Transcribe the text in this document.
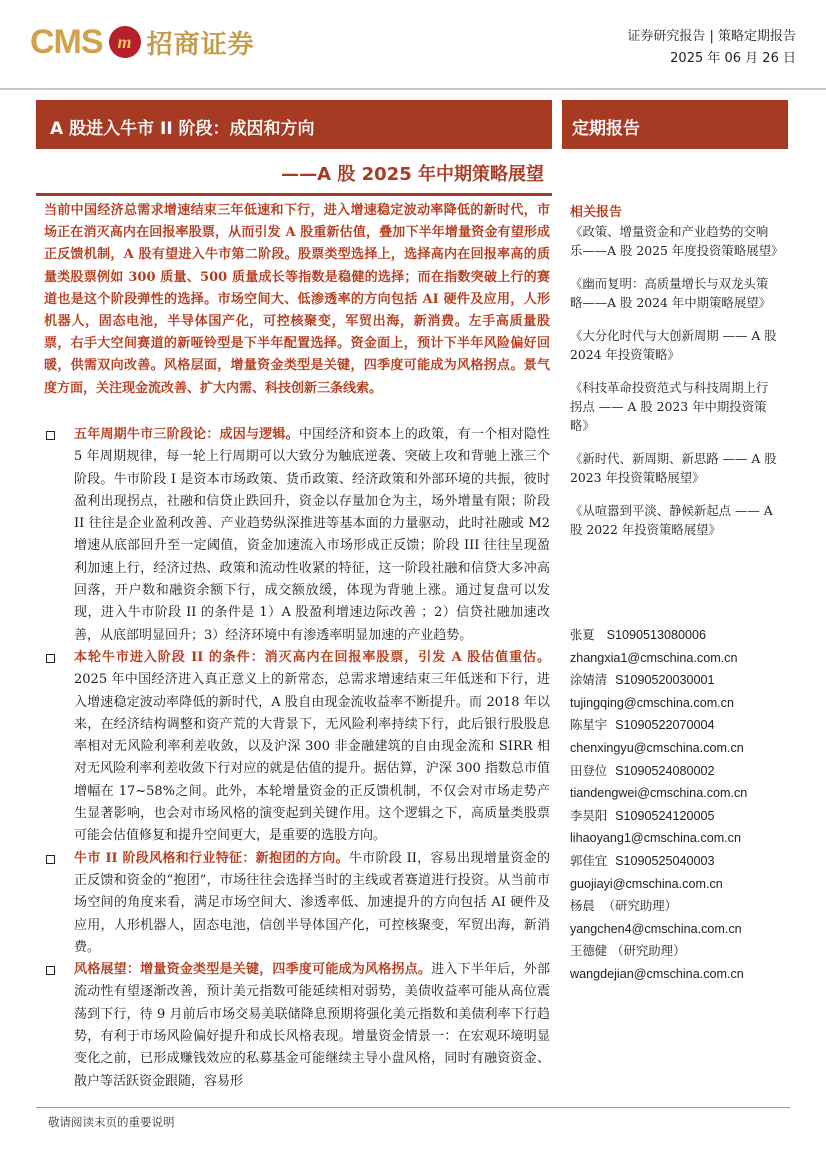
CMS m 招商证券	证券研究报告 | 策略定期报告
2025 年 06 月 26 日
A 股进入牛市 II 阶段：成因和方向	定期报告
——A 股 2025 年中期策略展望
当前中国经济总需求增速结束三年低速和下行，进入增速稳定波动率降低的新时代，市场正在消灭高内在回报率股票，从而引发 A 股重新估值，叠加下半年增量资金有望形成正反馈机制，A 股有望进入牛市第二阶段。股票类型选择上，选择高内在回报率高的质量类股票例如 300 质量、500 质量成长等指数是稳健的选择；而在指数突破上行的赛道也是这个阶段弹性的选择。市场空间大、低渗透率的方向包括 AI 硬件及应用，人形机器人，固态电池，半导体国产化，可控核聚变，军贸出海，新消费。左手高质量股票，右手大空间赛道的新哑铃型是下半年配置选择。资金面上，预计下半年风险偏好回暖，供需双向改善。风格层面，增量资金类型是关键，四季度可能成为风格拐点。景气度方面，关注现金流改善、扩大内需、科技创新三条线索。

五年周期牛市三阶段论：成因与逻辑。中国经济和资本上的政策，有一个相对隐性 5 年周期规律，每一轮上行周期可以大致分为触底逆袭、突破上攻和背驰上涨三个阶段。牛市阶段 I 是资本市场政策、货币政策、经济政策和外部环境的共振，彼时盈利出现拐点，社融和信贷止跌回升，资金以存量加仓为主，场外增量有限；阶段 II 往往是企业盈利改善、产业趋势纵深推进等基本面的力量驱动，此时社融或 M2 增速从底部回升至一定阈值，资金加速流入市场形成正反馈；阶段 III 往往呈现盈利加速上行，经济过热、政策和流动性收紧的特征，这一阶段社融和信贷大多冲高回落，开户数和融资余额下行，成交额放缓，体现为背驰上涨。通过复盘可以发现，进入牛市阶段 II 的条件是 1）A 股盈利增速边际改善 ；2）信贷社融加速改善，从底部明显回升；3）经济环境中有渗透率明显加速的产业趋势。

本轮牛市进入阶段 II 的条件：消灭高内在回报率股票，引发 A 股估值重估。2025 年中国经济进入真正意义上的新常态，总需求增速结束三年低迷和下行，进入增速稳定波动率降低的新时代，A 股自由现金流收益率不断提升。而 2018 年以来，在经济结构调整和资产荒的大背景下，无风险利率持续下行，此后银行股股息率相对无风险利率利差收敛，以及沪深 300 非金融建筑的自由现金流和 SIRR 相对无风险利率利差收敛下行对应的就是估值的提升。据估算，沪深 300 指数总市值增幅在 17~58%之间。此外，本轮增量资金的正反馈机制，不仅会对市场走势产生显著影响，也会对市场风格的演变起到关键作用。这个逻辑之下，高质量类股票可能会估值修复和提升空间更大，是重要的选股方向。

牛市 II 阶段风格和行业特征：新抱团的方向。牛市阶段 II，容易出现增量资金的正反馈和资金的“抱团”，市场往往会选择当时的主线或者赛道进行投资。从当前市场空间的角度来看，满足市场空间大、渗透率低、加速提升的方向包括 AI 硬件及应用，人形机器人，固态电池，信创半导体国产化，可控核聚变，军贸出海，新消费。

风格展望：增量资金类型是关键，四季度可能成为风格拐点。进入下半年后，外部流动性有望逐渐改善，预计美元指数可能延续相对弱势，美债收益率可能从高位震荡到下行，待 9 月前后市场交易美联储降息预期将强化美元指数和美债利率下行趋势，有利于市场风险偏好提升和成长风格表现。增量资金情景一：在宏观环境明显变化之前，已形成赚钱效应的私募基金可能继续主导小盘风格，同时有融资资金、散户等活跃资金跟随，容易形

相关报告
《政策、增量资金和产业趋势的交响乐——A 股 2025 年度投资策略展望》
《幽而复明：高质量增长与双龙头策略——A 股 2024 年中期策略展望》
《大分化时代与大创新周期 —— A 股 2024 年投资策略》
《科技革命投资范式与科技周期上行拐点 —— A 股 2023 年中期投资策略》
《新时代、新周期、新思路 —— A 股 2023 年投资策略展望》
《从喧嚣到平淡、静候新起点 —— A 股 2022 年投资策略展望》
张夏 S1090513080006
zhangxia1@cmschina.com.cn
涂婧清 S1090520030001
tujingqing@cmschina.com.cn
陈星宇 S1090522070004
chenxingyu@cmschina.com.cn
田登位 S1090524080002
tiandengwei@cmschina.com.cn
李昊阳 S1090524120005
lihaoyang1@cmschina.com.cn
郭佳宜 S1090525040003
guojiayi@cmschina.com.cn
杨晨 （研究助理）
yangchen4@cmschina.com.cn
王德健 （研究助理）
wangdejian@cmschina.com.cn
敬请阅读末页的重要说明
